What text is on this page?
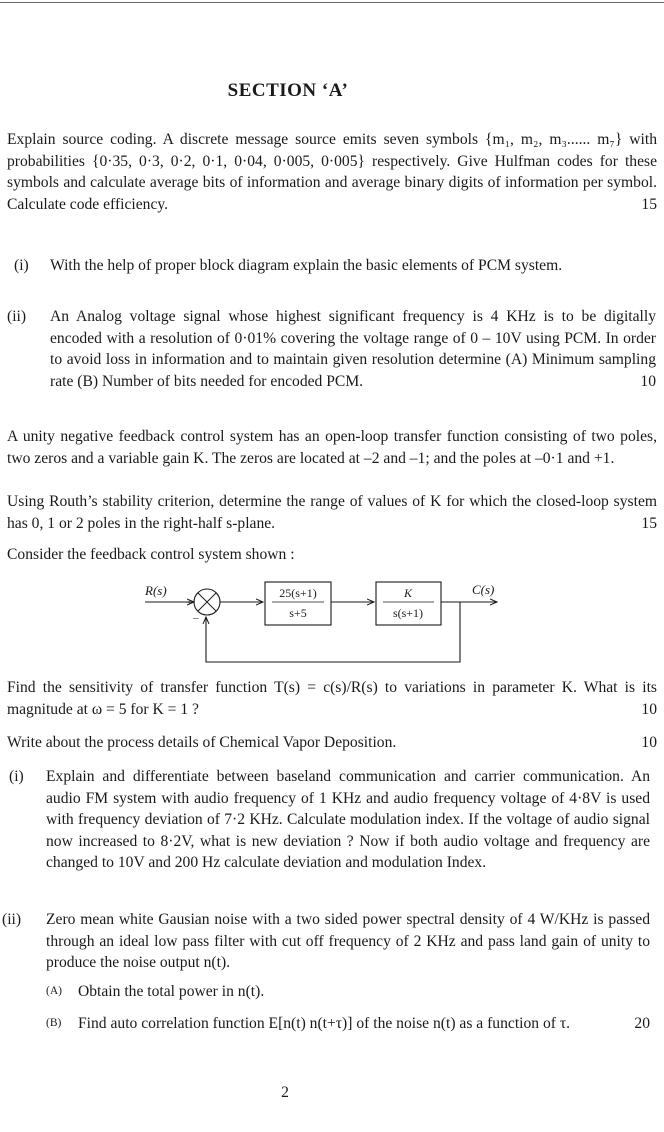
SECTION ‘A’
Explain source coding. A discrete message source emits seven symbols {m₁, m₂, m₃...... m₇} with probabilities {0·35, 0·3, 0·2, 0·1, 0·04, 0·005, 0·005} respectively. Give Hulfman codes for these symbols and calculate average bits of information and average binary digits of information per symbol. Calculate code efficiency.	15
(i) With the help of proper block diagram explain the basic elements of PCM system.
(ii) An Analog voltage signal whose highest significant frequency is 4 KHz is to be digitally encoded with a resolution of 0·01% covering the voltage range of 0 – 10V using PCM. In order to avoid loss in information and to maintain given resolution determine (A) Minimum sampling rate (B) Number of bits needed for encoded PCM.	10
A unity negative feedback control system has an open-loop transfer function consisting of two poles, two zeros and a variable gain K. The zeros are located at –2 and –1; and the poles at –0·1 and +1.
Using Routh’s stability criterion, determine the range of values of K for which the closed-loop system has 0, 1 or 2 poles in the right-half s-plane.	15
Consider the feedback control system shown :
R(s)
+
–
25(s+1)
s+5
K
s(s+1)
C(s)
Find the sensitivity of transfer function T(s) = c(s)/R(s) to variations in parameter K. What is its magnitude at ω = 5 for K = 1 ?	10
Write about the process details of Chemical Vapor Deposition.	10
(i) Explain and differentiate between baseland communication and carrier communication. An audio FM system with audio frequency of 1 KHz and audio frequency voltage of 4·8V is used with frequency deviation of 7·2 KHz. Calculate modulation index. If the voltage of audio signal now increased to 8·2V, what is new deviation ? Now if both audio voltage and frequency are changed to 10V and 200 Hz calculate deviation and modulation Index.
(ii) Zero mean white Gausian noise with a two sided power spectral density of 4 W/KHz is passed through an ideal low pass filter with cut off frequency of 2 KHz and pass land gain of unity to produce the noise output n(t).
(A) Obtain the total power in n(t).
(B) Find auto correlation function E[n(t) n(t+τ)] of the noise n(t) as a function of τ.	20
2
